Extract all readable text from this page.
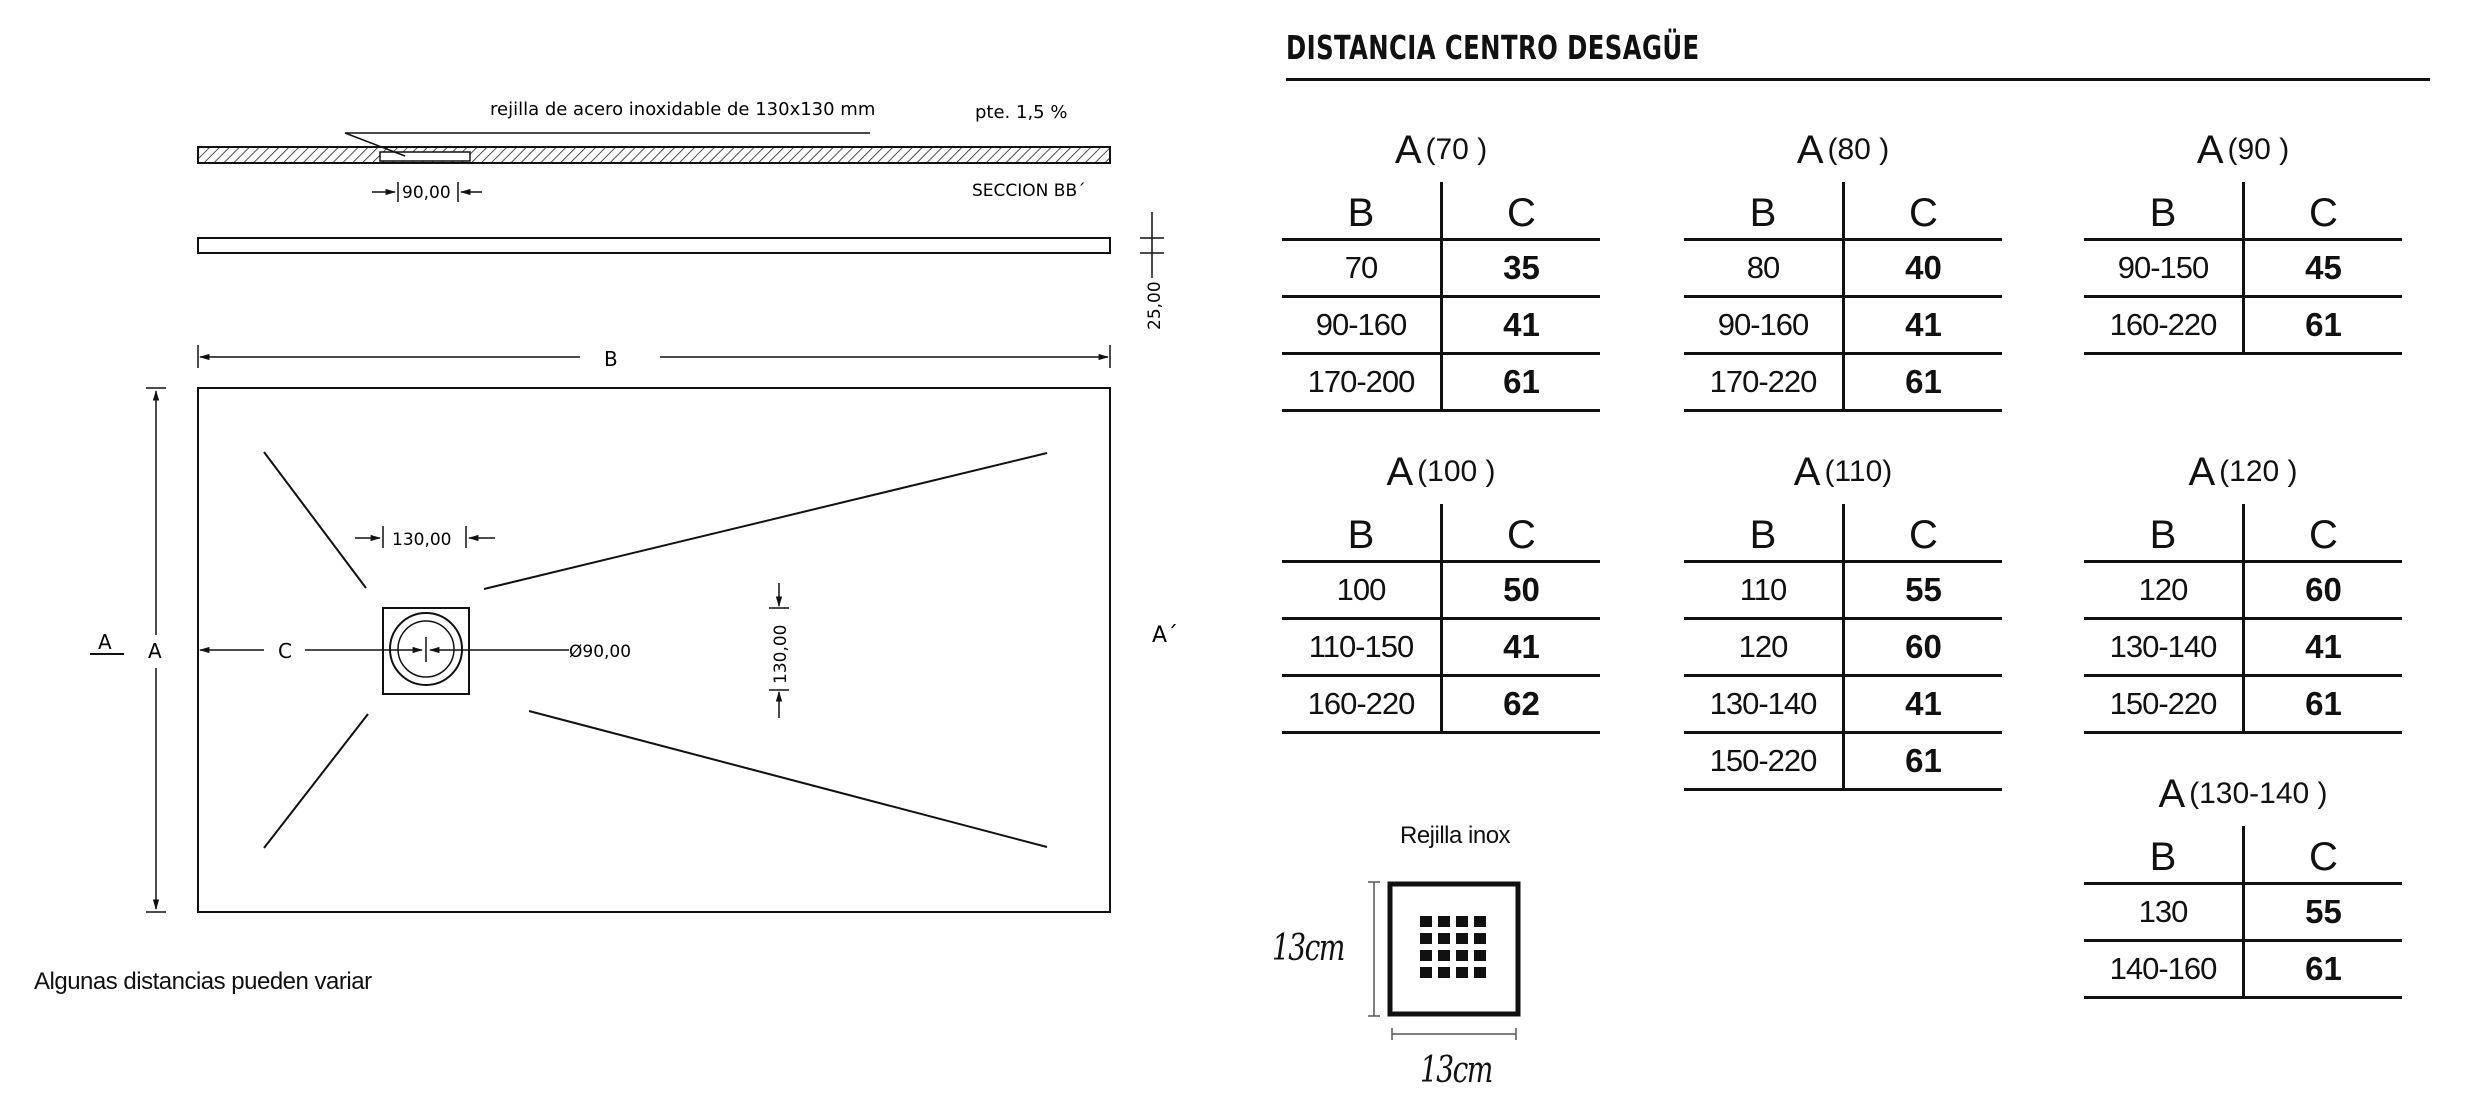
rejilla de acero inoxidable de 130x130 mm	pte. 1,5 %
SECCION BB´
90,00
25,00
B
C	Ø90,00
130,00
130,00
A
A	A´
Algunas distancias pueden variar
DISTANCIA CENTRO DESAGÜE
A (70 )
B	C
70	35
90-160	41
170-200	61
A (80 )
B	C
80	40
90-160	41
170-220	61
A (90 )
B	C
90-150	45
160-220	61
A (100 )
B	C
100	50
110-150	41
160-220	62
A (110)
B	C
110	55
120	60
130-140	41
150-220	61
A (120 )
B	C
120	60
130-140	41
150-220	61
A (130-140 )
B	C
130	55
140-160	61
Rejilla inox
13cm
13cm
